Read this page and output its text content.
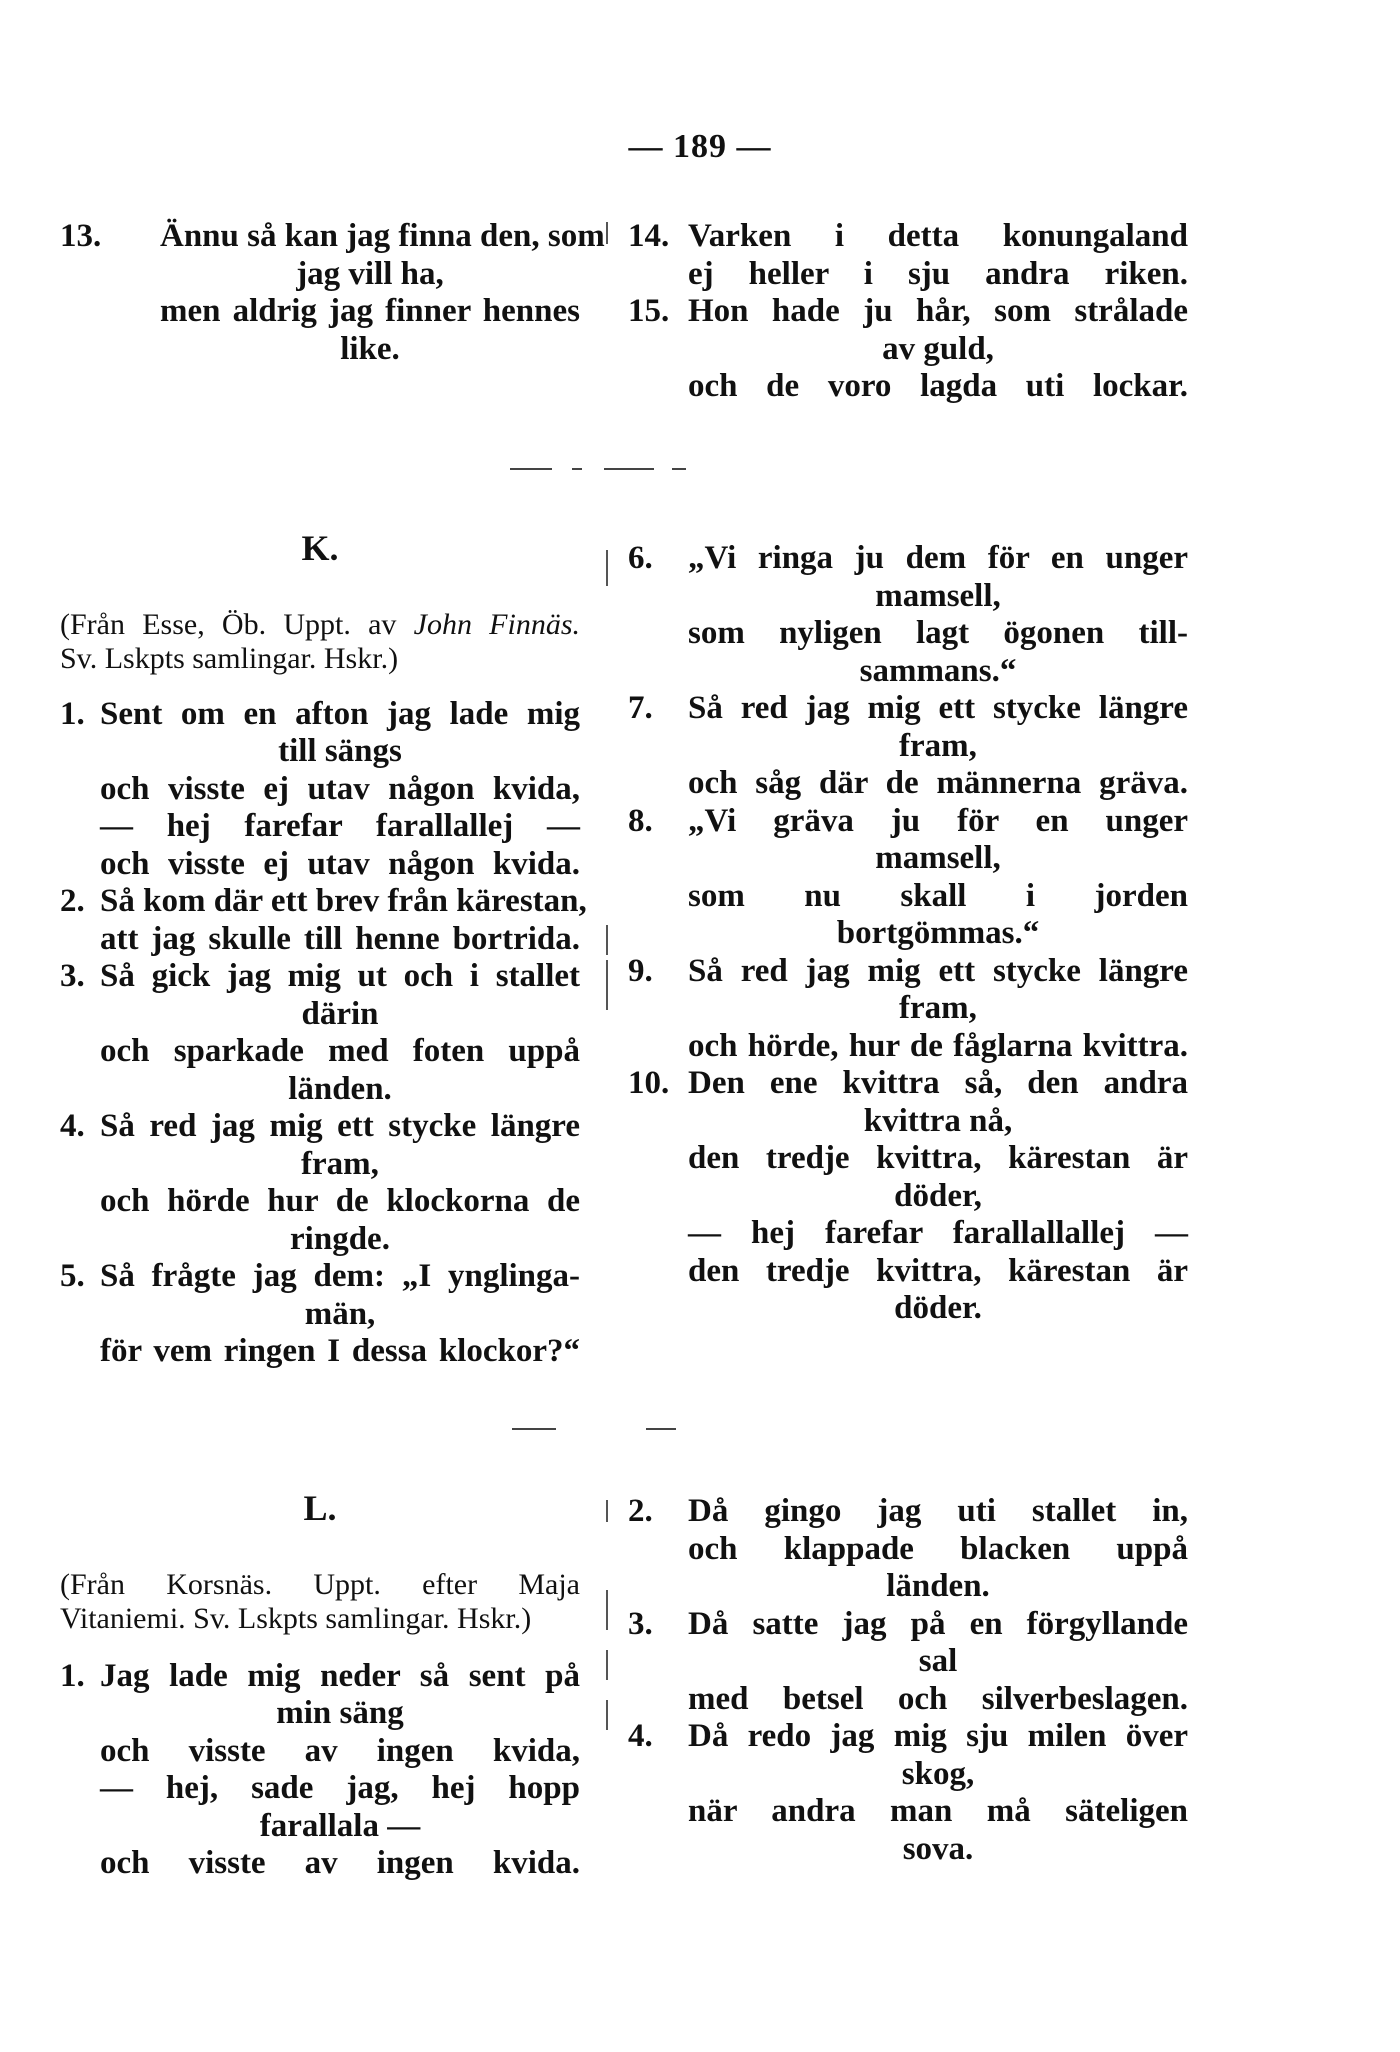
— 189 —
13. Ännu så kan jag finna den, som
jag vill ha,
men aldrig jag finner hennes
like.
14. Varken i detta konungaland
ej heller i sju andra riken.
15. Hon hade ju hår, som strålade
av guld,
och de voro lagda uti lockar.
K.
(Från Esse, Öb. Uppt. av John Finnäs.
Sv. Lskpts samlingar. Hskr.)
1. Sent om en afton jag lade mig
till sängs
och visste ej utav någon kvida,
— hej farefar farallallej —
och visste ej utav någon kvida.
2. Så kom där ett brev från kärestan,
att jag skulle till henne bortrida.
3. Så gick jag mig ut och i stallet
därin
och sparkade med foten uppå
länden.
4. Så red jag mig ett stycke längre
fram,
och hörde hur de klockorna de
ringde.
5. Så frågte jag dem: „I ynglinga-
män,
för vem ringen I dessa klockor?“
6. „Vi ringa ju dem för en unger
mamsell,
som nyligen lagt ögonen till-
sammans.“
7. Så red jag mig ett stycke längre
fram,
och såg där de männerna gräva.
8. „Vi gräva ju för en unger
mamsell,
som nu skall i jorden
bortgömmas.“
9. Så red jag mig ett stycke längre
fram,
och hörde, hur de fåglarna kvittra.
10. Den ene kvittra så, den andra
kvittra nå,
den tredje kvittra, kärestan är
döder,
— hej farefar farallallallej —
den tredje kvittra, kärestan är
döder.
L.
(Från Korsnäs. Uppt. efter Maja
Vitaniemi. Sv. Lskpts samlingar. Hskr.)
1. Jag lade mig neder så sent på
min säng
och visste av ingen kvida,
— hej, sade jag, hej hopp
farallala —
och visste av ingen kvida.
2. Då gingo jag uti stallet in,
och klappade blacken uppå
länden.
3. Då satte jag på en förgyllande
sal
med betsel och silverbeslagen.
4. Då redo jag mig sju milen över
skog,
när andra man må säteligen
sova.
